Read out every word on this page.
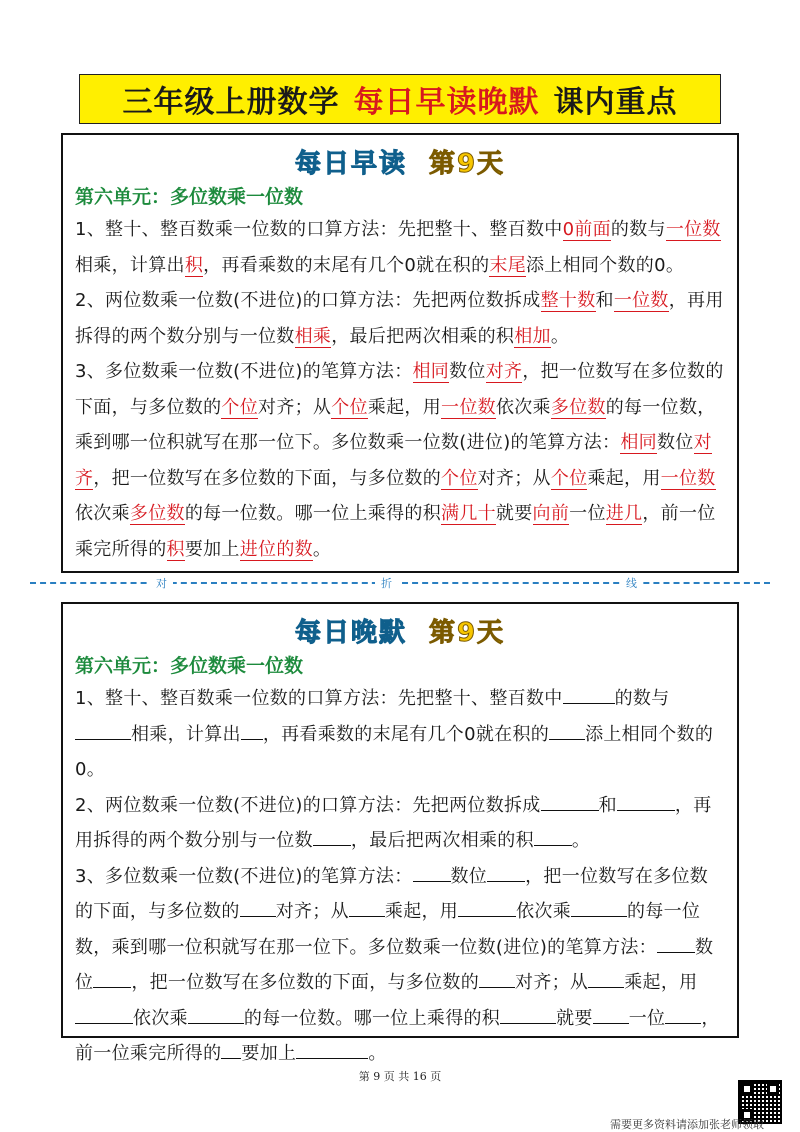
三年级上册数学 每日早读晚默 课内重点
每日早读 第9天
第六单元：多位数乘一位数

1、整十、整百数乘一位数的口算方法：先把整十、整百数中0前面的数与一位数相乘，计算出积，再看乘数的末尾有几个0就在积的末尾添上相同个数的0。

2、两位数乘一位数(不进位)的口算方法：先把两位数拆成整十数和一位数，再用拆得的两个数分别与一位数相乘，最后把两次相乘的积相加。

3、多位数乘一位数(不进位)的笔算方法：相同数位对齐，把一位数写在多位数的下面，与多位数的个位对齐；从个位乘起，用一位数依次乘多位数的每一位数，乘到哪一位积就写在那一位下。多位数乘一位数(进位)的笔算方法：相同数位对齐，把一位数写在多位数的下面，与多位数的个位对齐；从个位乘起，用一位数依次乘多位数的每一位数。哪一位上乘得的积满几十就要向前一位进几，前一位乘完所得的积要加上进位的数。

对	折	线
每日晚默 第9天
第六单元：多位数乘一位数

1、整十、整百数乘一位数的口算方法：先把整十、整百数中	的数与相乘，计算出 ，再看乘数的末尾有几个0就在积的 添上相同个数的0。

2、两位数乘一位数(不进位)的口算方法：先把两位数拆成	和	，再用拆得的两个数分别与一位数 ，最后把两次相乘的积 。

3、多位数乘一位数(不进位)的笔算方法： 数位 ，把一位数写在多位数的下面，与多位数的 对齐；从 乘起，用	依次乘	的每一位数，乘到哪一位积就写在那一位下。多位数乘一位数(进位)的笔算方法： 数位 ，把一位数写在多位数的下面，与多位数的 对齐；从 乘起，用依次乘	的每一位数。哪一位上乘得的积	就要 一位 ，前一位乘完所得的 要加上	。

第 9 页 共 16 页
需要更多资料请添加张老师领取
